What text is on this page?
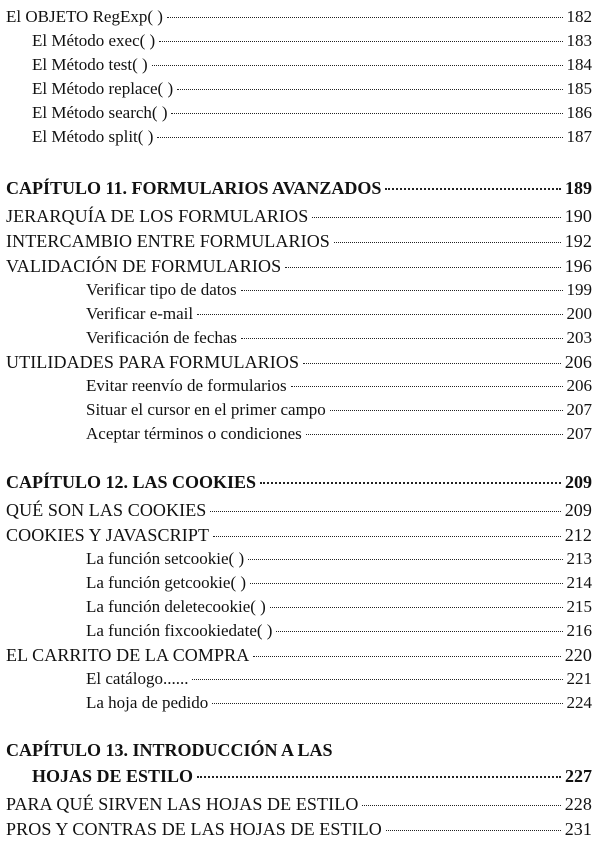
El OBJETO RegExp( )	182
El Método exec( )	183
El Método test( )	184
El Método replace( )	185
El Método search( )	186
El Método split( )	187
CAPÍTULO 11. FORMULARIOS AVANZADOS	189
JERARQUÍA DE LOS FORMULARIOS	190
INTERCAMBIO ENTRE FORMULARIOS	192
VALIDACIÓN DE FORMULARIOS	196
Verificar tipo de datos	199
Verificar e-mail	200
Verificación de fechas	203
UTILIDADES PARA FORMULARIOS	206
Evitar reenvío de formularios	206
Situar el cursor en el primer campo	207
Aceptar términos o condiciones	207
CAPÍTULO 12. LAS COOKIES	209
QUÉ SON LAS COOKIES	209
COOKIES Y JAVASCRIPT	212
La función setcookie( )	213
La función getcookie( )	214
La función deletecookie( )	215
La función fixcookiedate( )	216
EL CARRITO DE LA COMPRA	220
El catálogo......	221
La hoja de pedido	224
CAPÍTULO 13. INTRODUCCIÓN A LAS
HOJAS DE ESTILO	227
PARA QUÉ SIRVEN LAS HOJAS DE ESTILO	228
PROS Y CONTRAS DE LAS HOJAS DE ESTILO	231
